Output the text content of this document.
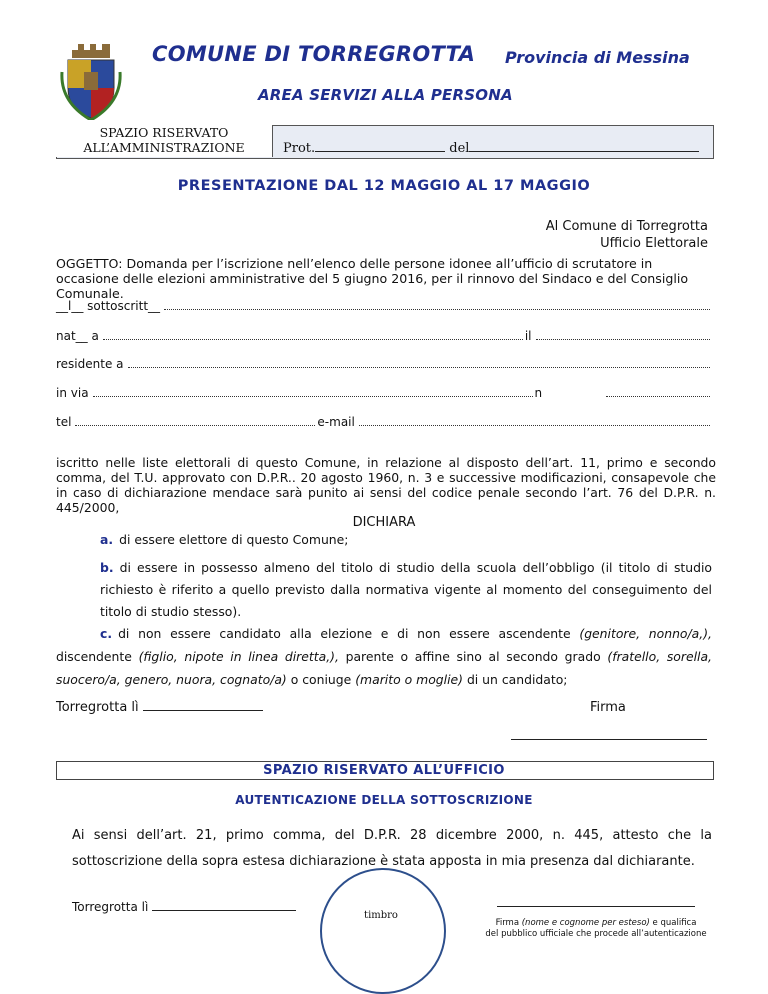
COMUNE DI TORREGROTTA Provincia di Messina
AREA SERVIZI ALLA PERSONA
SPAZIO RISERVATO ALL’AMMINISTRAZIONE	Prot.	del
PRESENTAZIONE DAL 12 MAGGIO AL 17 MAGGIO
Al Comune di Torregrotta
Ufficio Elettorale
OGGETTO: Domanda per l’iscrizione nell’elenco delle persone idonee all’ufficio di scrutatore in occasione delle elezioni amministrative del 5 giugno 2016, per il rinnovo del Sindaco e del Consiglio Comunale.
__l__ sottoscritt__
nat__ a	il
residente a
in via	n
tel	e-mail
iscritto nelle liste elettorali di questo Comune, in relazione al disposto dell’art. 11, primo e secondo comma, del T.U. approvato con D.P.R.. 20 agosto 1960, n. 3 e successive modificazioni, consapevole che in caso di dichiarazione mendace sarà punito ai sensi del codice penale secondo l’art. 76 del D.P.R. n. 445/2000,
DICHIARA
a. di essere elettore di questo Comune;
b. di essere in possesso almeno del titolo di studio della scuola dell’obbligo (il titolo di studio richiesto è riferito a quello previsto dalla normativa vigente al momento del conseguimento del titolo di studio stesso).
c. di non essere candidato alla elezione e di non essere ascendente (genitore, nonno/a,), discendente (figlio, nipote in linea diretta,), parente o affine sino al secondo grado (fratello, sorella, suocero/a, genero, nuora, cognato/a) o coniuge (marito o moglie) di un candidato;
Torregrotta lì	Firma
SPAZIO RISERVATO ALL’UFFICIO
AUTENTICAZIONE DELLA SOTTOSCRIZIONE
Ai sensi dell’art. 21, primo comma, del D.P.R. 28 dicembre 2000, n. 445, attesto che la sottoscrizione della sopra estesa dichiarazione è stata apposta in mia presenza dal dichiarante.
Torregrotta lì
timbro
Firma (nome e cognome per esteso) e qualifica
del pubblico ufficiale che procede all’autenticazione
